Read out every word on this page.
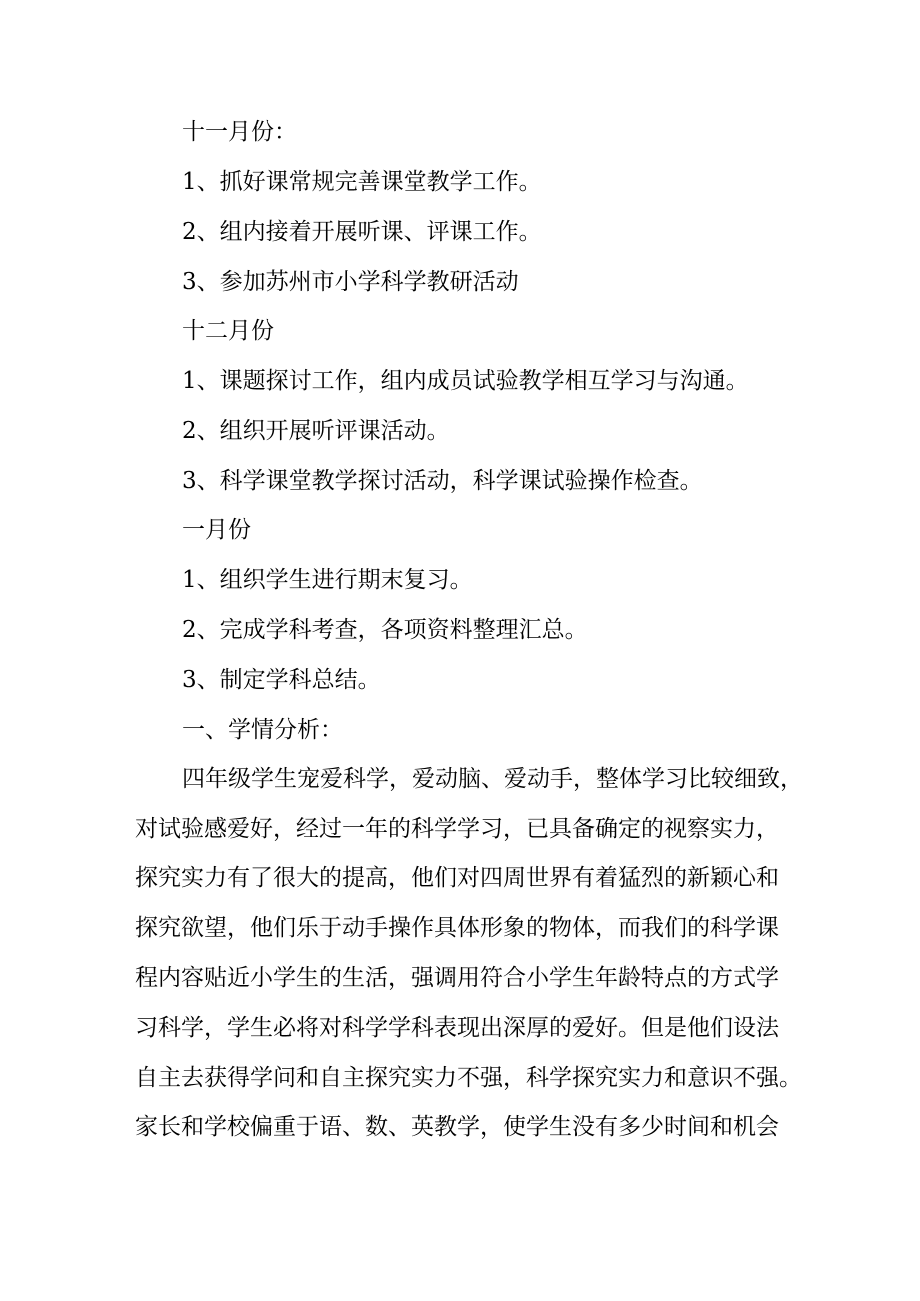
十一月份：
1、抓好课常规完善课堂教学工作。
2、组内接着开展听课、评课工作。
3、参加苏州市小学科学教研活动
十二月份
1、课题探讨工作，组内成员试验教学相互学习与沟通。
2、组织开展听评课活动。
3、科学课堂教学探讨活动，科学课试验操作检查。
一月份
1、组织学生进行期末复习。
2、完成学科考查，各项资料整理汇总。
3、制定学科总结。
一、学情分析：
四年级学生宠爱科学，爱动脑、爱动手，整体学习比较细致，
对试验感爱好，经过一年的科学学习，已具备确定的视察实力，
探究实力有了很大的提高，他们对四周世界有着猛烈的新颖心和
探究欲望，他们乐于动手操作具体形象的物体，而我们的科学课
程内容贴近小学生的生活，强调用符合小学生年龄特点的方式学
习科学，学生必将对科学学科表现出深厚的爱好。但是他们设法
自主去获得学问和自主探究实力不强，科学探究实力和意识不强。
家长和学校偏重于语、数、英教学，使学生没有多少时间和机会
